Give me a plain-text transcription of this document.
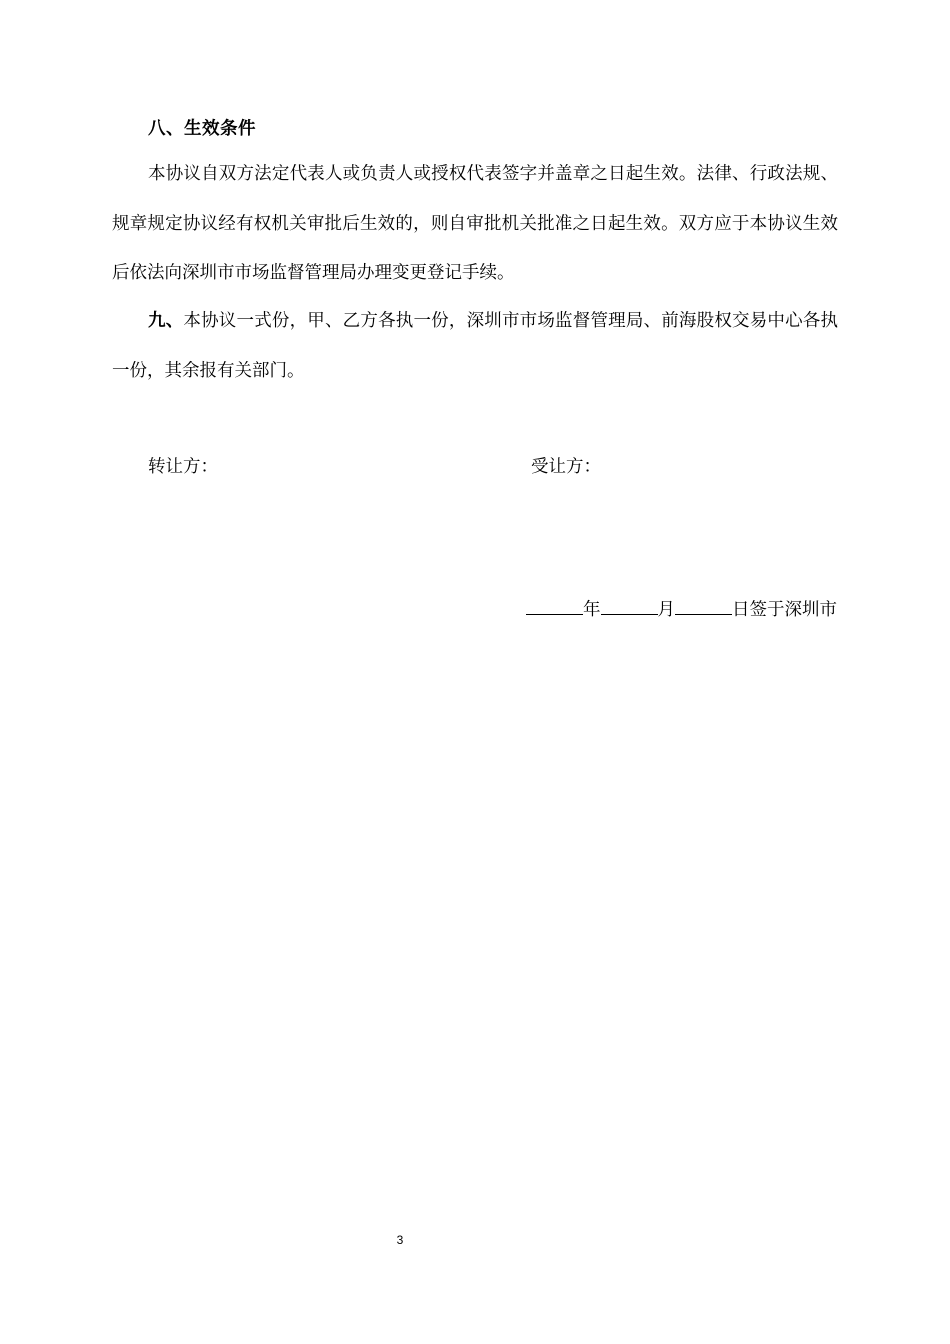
八、生效条件

本协议自双方法定代表人或负责人或授权代表签字并盖章之日起生效。法律、行政法规、规章规定协议经有权机关审批后生效的，则自审批机关批准之日起生效。双方应于本协议生效后依法向深圳市市场监督管理局办理变更登记手续。

九、本协议一式份，甲、乙方各执一份，深圳市市场监督管理局、前海股权交易中心各执一份，其余报有关部门。

转让方：	受让方：
年	月	日签于深圳市
3
